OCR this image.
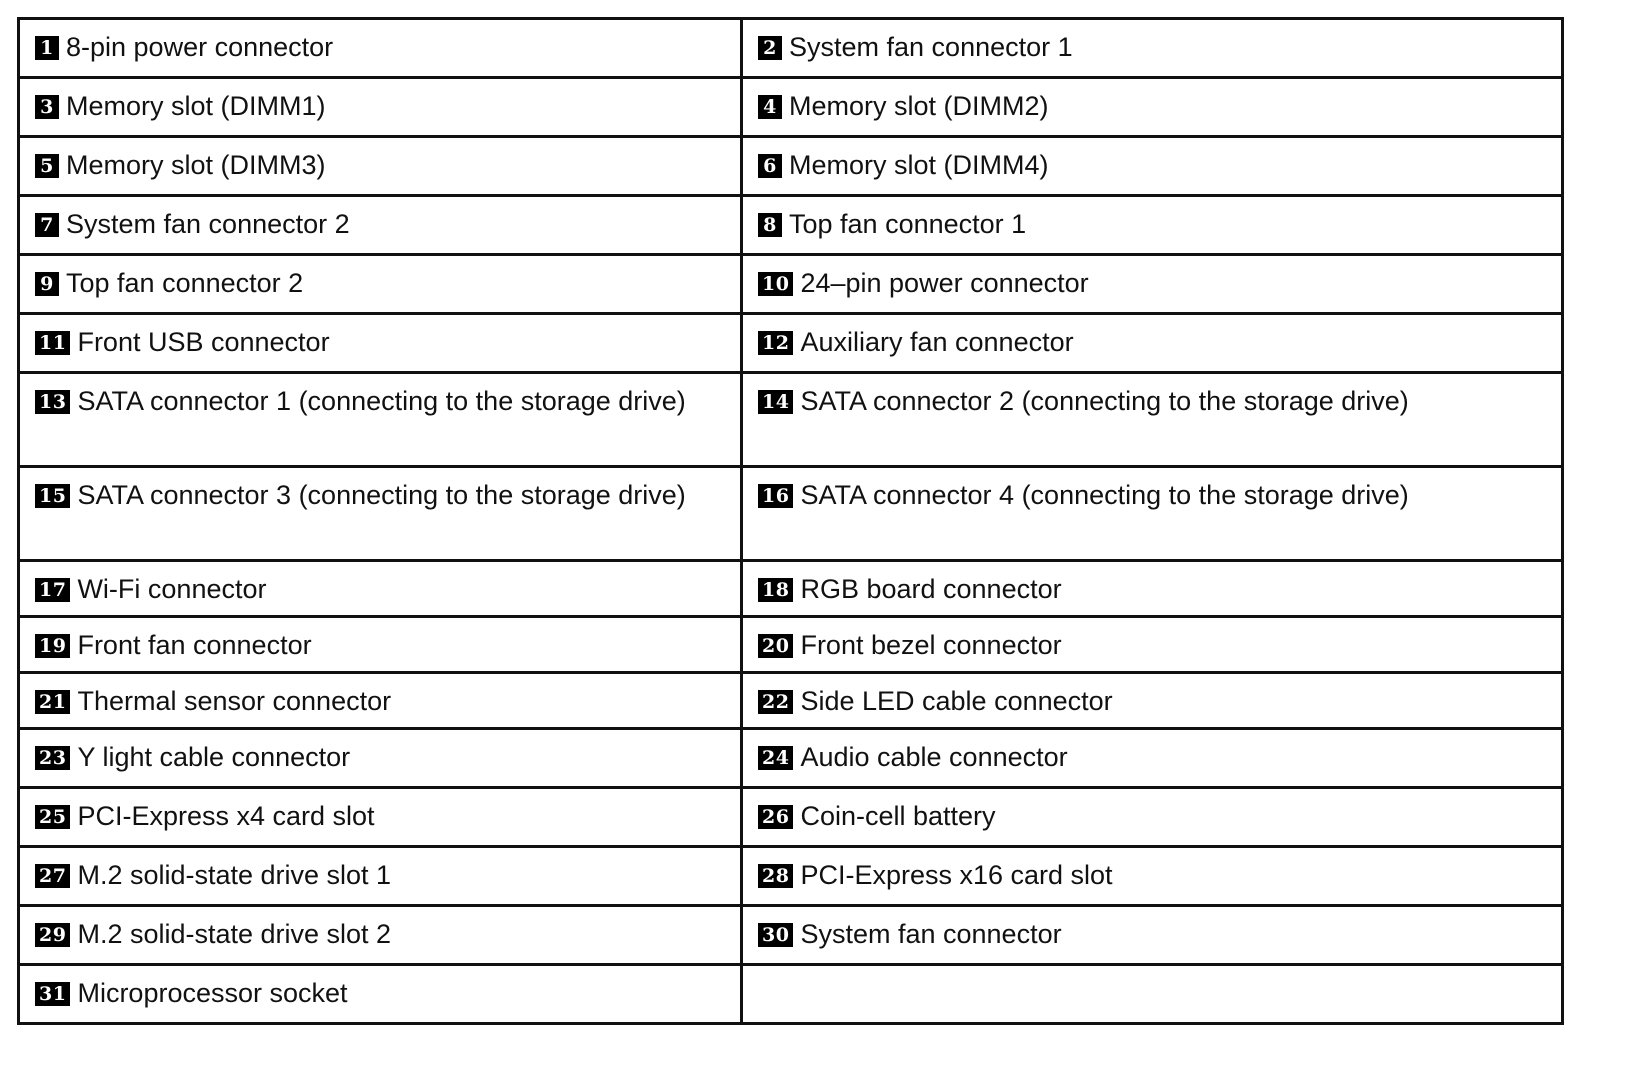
1 8-pin power connector	2 System fan connector 1
3 Memory slot (DIMM1)	4 Memory slot (DIMM2)
5 Memory slot (DIMM3)	6 Memory slot (DIMM4)
7 System fan connector 2	8 Top fan connector 1
9 Top fan connector 2	10 24–pin power connector
11 Front USB connector	12 Auxiliary fan connector
13 SATA connector 1 (connecting to the storage drive)	14 SATA connector 2 (connecting to the storage drive)
15 SATA connector 3 (connecting to the storage drive)	16 SATA connector 4 (connecting to the storage drive)
17 Wi-Fi connector	18 RGB board connector
19 Front fan connector	20 Front bezel connector
21 Thermal sensor connector	22 Side LED cable connector
23 Y light cable connector	24 Audio cable connector
25 PCI-Express x4 card slot	26 Coin-cell battery
27 M.2 solid-state drive slot 1	28 PCI-Express x16 card slot
29 M.2 solid-state drive slot 2	30 System fan connector
31 Microprocessor socket	
